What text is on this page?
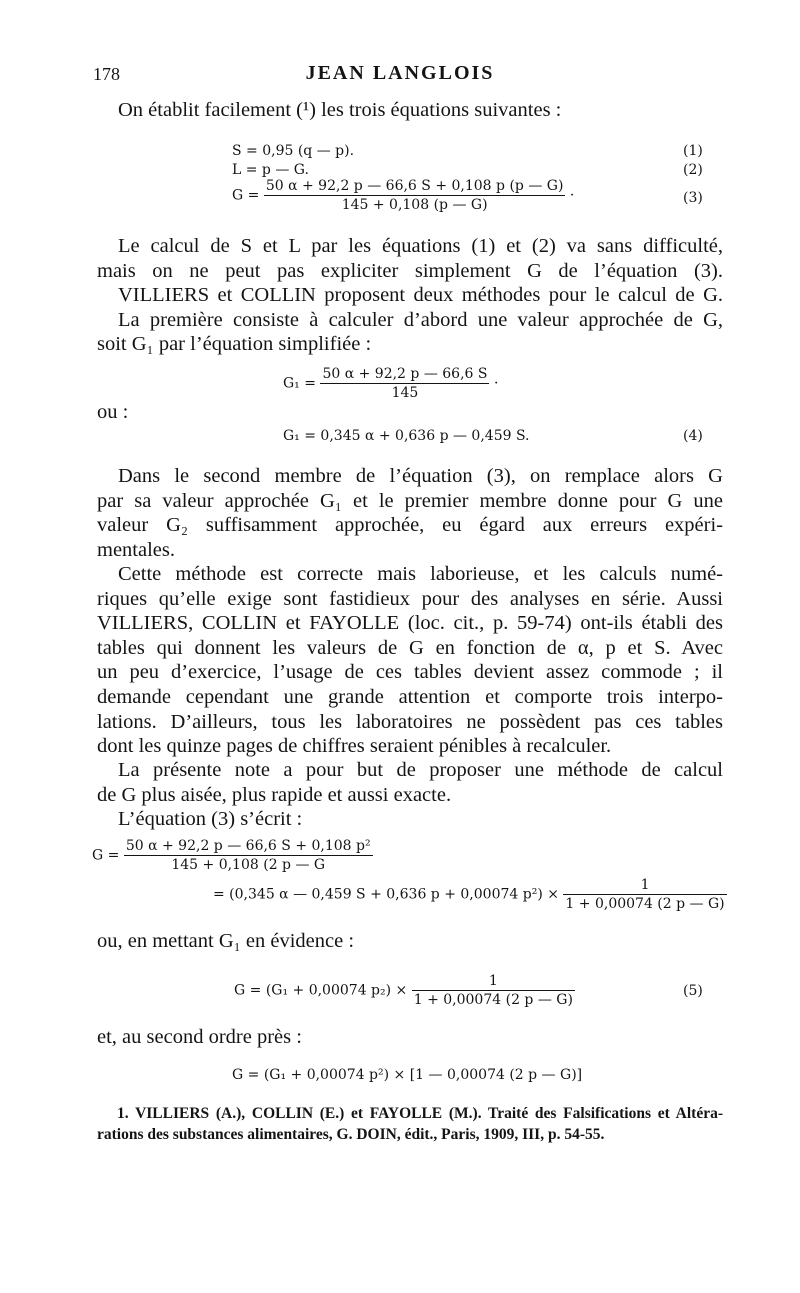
178	JEAN LANGLOIS
On établit facilement (¹) les trois équations suivantes :
S = 0,95 (q — p).	(1)
L = p — G.	(2)
$G = \frac{50 \alpha + 92,2 p — 66,6 S + 0,108 p (p — G)}{145 + 0,108 (p — G)}$ ·	(3)
Le calcul de S et L par les équations (1) et (2) va sans difficulté,
mais on ne peut pas expliciter simplement G de l’équation (3).
VILLIERS et COLLIN proposent deux méthodes pour le calcul de G.
La première consiste à calculer d’abord une valeur approchée de G,
soit G₁ par l’équation simplifiée :
$G_1 = \frac{50 \alpha + 92,2 p — 66,6 S}{145}$ ·
ou :
G₁ = 0,345 α + 0,636 p — 0,459 S.	(4)
Dans le second membre de l’équation (3), on remplace alors G
par sa valeur approchée G₁ et le premier membre donne pour G une
valeur G₂ suffisamment approchée, eu égard aux erreurs expéri-
mentales.
Cette méthode est correcte mais laborieuse, et les calculs numé-
riques qu’elle exige sont fastidieux pour des analyses en série. Aussi
VILLIERS, COLLIN et FAYOLLE (loc. cit., p. 59-74) ont-ils établi des
tables qui donnent les valeurs de G en fonction de α, p et S. Avec
un peu d’exercice, l’usage de ces tables devient assez commode ; il
demande cependant une grande attention et comporte trois interpo-
lations. D’ailleurs, tous les laboratoires ne possèdent pas ces tables
dont les quinze pages de chiffres seraient pénibles à recalculer.
La présente note a pour but de proposer une méthode de calcul
de G plus aisée, plus rapide et aussi exacte.
L’équation (3) s’écrit :
$G = \frac{\text{50 α + 92,2 p — 66,6 S + 0,108 p²}}{145 + 0,108 (2 p — G}$
= (0,345 α — 0,459 S + 0,636 p + 0,00074 $p^2) \times \frac{1}{1 + 0,00074 (2 p — G)}$
ou, en mettant G₁ en évidence :
G = (G₁ + 0,00074 $p_2) \times \frac{1}{1 + 0,00074 (2 p — G)}$	(5)
et, au second ordre près :
G = (G₁ + 0,00074 p²) × [1 — 0,00074 (2 p — G)]
1. VILLIERS (A.), COLLIN (E.) et FAYOLLE (M.). Traité des Falsifications et Altéra-
rations des substances alimentaires, G. DOIN, édit., Paris, 1909, III, p. 54-55.
